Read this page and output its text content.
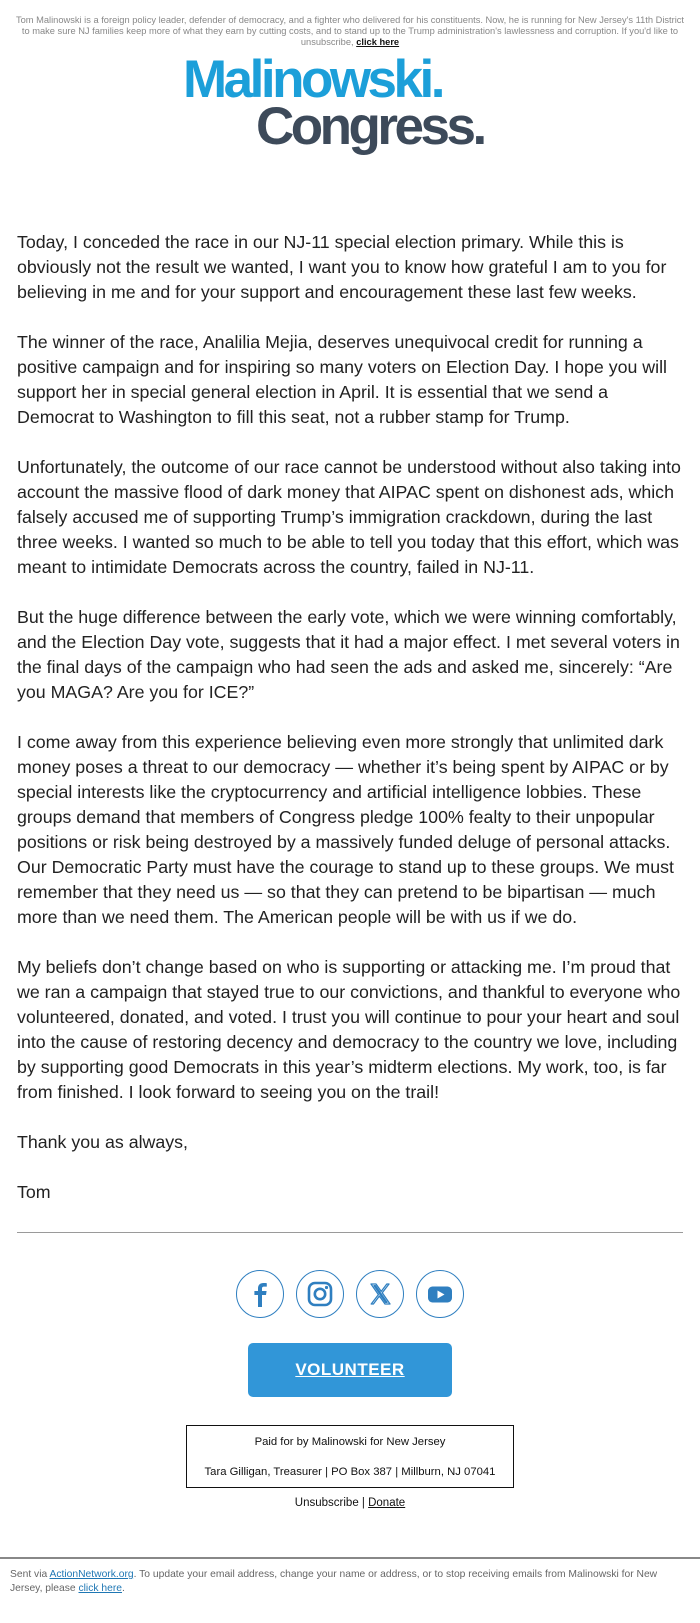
Tom Malinowski is a foreign policy leader, defender of democracy, and a fighter who delivered for his constituents. Now, he is running for New Jersey's 11th District to make sure NJ families keep more of what they earn by cutting costs, and to stand up to the Trump administration's lawlessness and corruption. If you'd like to unsubscribe, click here
Malinowski.
Congress.

Today, I conceded the race in our NJ-11 special election primary. While this is obviously not the result we wanted, I want you to know how grateful I am to you for believing in me and for your support and encouragement these last few weeks.

The winner of the race, Analilia Mejia, deserves unequivocal credit for running a positive campaign and for inspiring so many voters on Election Day. I hope you will support her in special general election in April. It is essential that we send a Democrat to Washington to fill this seat, not a rubber stamp for Trump.

Unfortunately, the outcome of our race cannot be understood without also taking into account the massive flood of dark money that AIPAC spent on dishonest ads, which falsely accused me of supporting Trump’s immigration crackdown, during the last three weeks. I wanted so much to be able to tell you today that this effort, which was meant to intimidate Democrats across the country, failed in NJ-11.

But the huge difference between the early vote, which we were winning comfortably, and the Election Day vote, suggests that it had a major effect. I met several voters in the final days of the campaign who had seen the ads and asked me, sincerely: “Are you MAGA? Are you for ICE?”

I come away from this experience believing even more strongly that unlimited dark money poses a threat to our democracy — whether it’s being spent by AIPAC or by special interests like the cryptocurrency and artificial intelligence lobbies. These groups demand that members of Congress pledge 100% fealty to their unpopular positions or risk being destroyed by a massively funded deluge of personal attacks. Our Democratic Party must have the courage to stand up to these groups. We must remember that they need us — so that they can pretend to be bipartisan — much more than we need them. The American people will be with us if we do.

My beliefs don’t change based on who is supporting or attacking me. I’m proud that we ran a campaign that stayed true to our convictions, and thankful to everyone who volunteered, donated, and voted. I trust you will continue to pour your heart and soul into the cause of restoring decency and democracy to the country we love, including by supporting good Democrats in this year’s midterm elections. My work, too, is far from finished. I look forward to seeing you on the trail!

Thank you as always,

Tom

VOLUNTEER
Paid for by Malinowski for New Jersey
Tara Gilligan, Treasurer | PO Box 387 | Millburn, NJ 07041
Unsubscribe | Donate
Sent via ActionNetwork.org. To update your email address, change your name or address, or to stop receiving emails from Malinowski for New Jersey, please click here.
